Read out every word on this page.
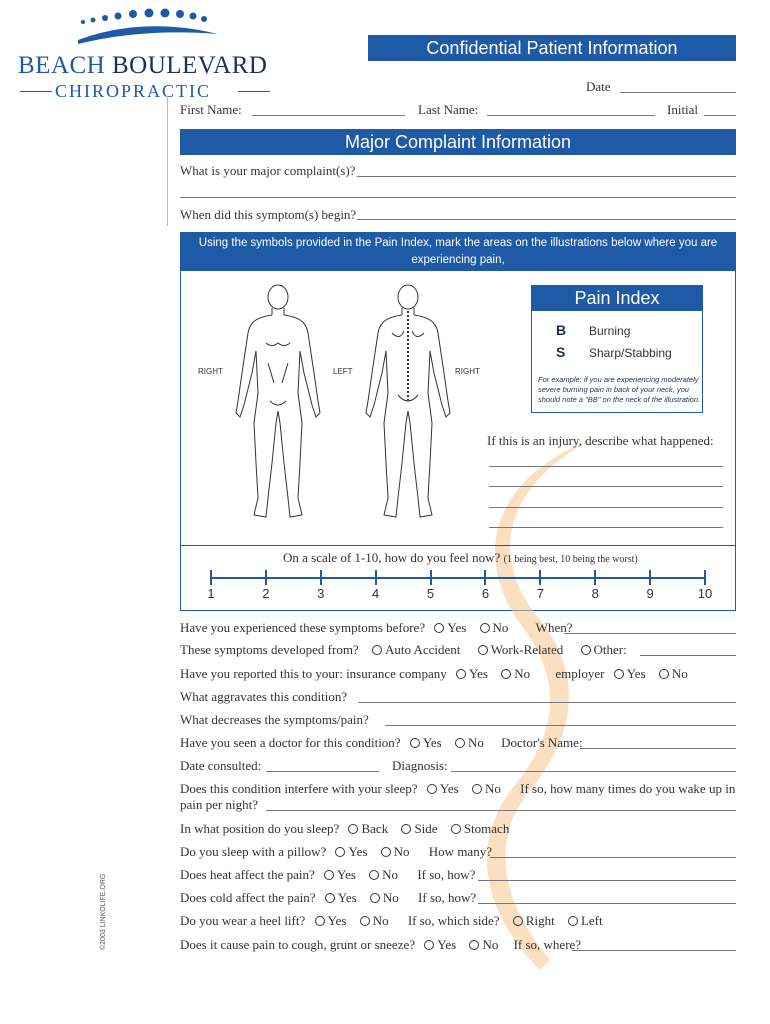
BEACH BOULEVARD
CHIROPRACTIC
Confidential Patient Information
Date
First Name:	Last Name:	Initial
Major Complaint Information
What is your major complaint(s)?
When did this symptom(s) begin?
Using the symbols provided in the Pain Index, mark the areas on the illustrations below where you are experiencing pain,
followed by a number from 1 to 10 indicating the extent of the pain. (1 being minor, 10 being severe)
RIGHT	LEFT	RIGHT
Pain Index
B Burning
S Sharp/Stabbing
For example: if you are experiencing moderately
severe burning pain in back of your neck, you
should note a "BB" on the neck of the illustration.
If this is an injury, describe what happened:
On a scale of 1-10, how do you feel now? (1 being best, 10 being the worst)
1	2	3	4	5	6	7	8	9	10
Have you experienced these symptoms before? Yes No When?
These symptoms developed from? Auto Accident Work-Related Other:
Have you reported this to your: insurance company Yes No employer Yes No
What aggravates this condition?
What decreases the symptoms/pain?
Have you seen a doctor for this condition? Yes No Doctor's Name:
Date consulted:	Diagnosis:
Does this condition interfere with your sleep? Yes No If so, how many times do you wake up in
pain per night?
In what position do you sleep? Back Side Stomach
Do you sleep with a pillow? Yes No How many?
Does heat affect the pain? Yes No If so, how?
Does cold affect the pain? Yes No If so, how?
Do you wear a heel lift? Yes No If so, which side? Right Left
Does it cause pain to cough, grunt or sneeze? Yes No If so, where?
©2003 LINKOLIFE.ORG
